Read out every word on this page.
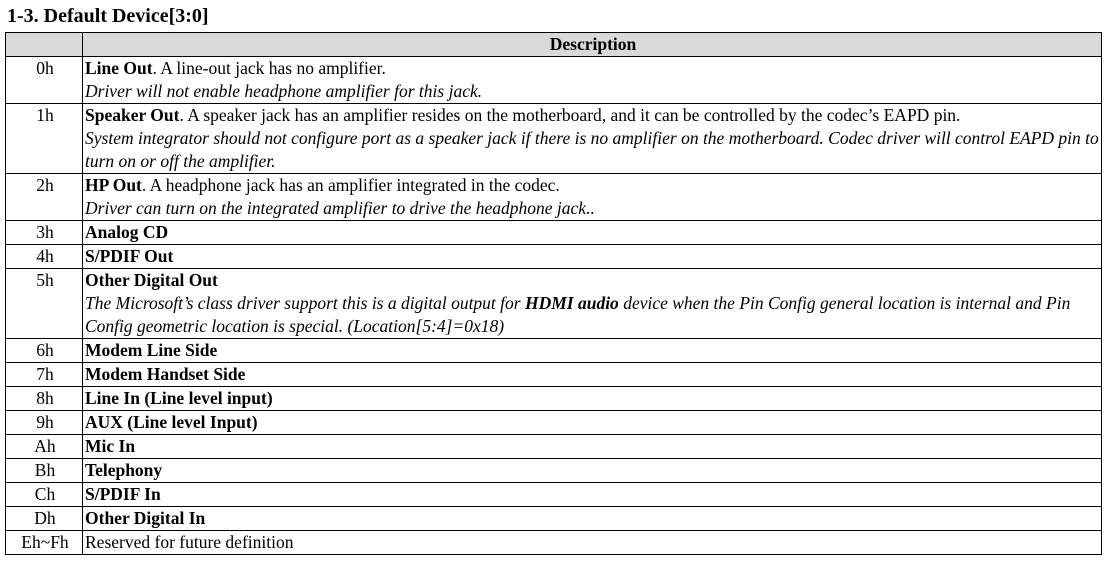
1-3. Default Device[3:0]
	Description
0h	Line Out. A line-out jack has no amplifier.
Driver will not enable headphone amplifier for this jack.

1h	Speaker Out. A speaker jack has an amplifier resides on the motherboard, and it can be controlled by the codec’s EAPD pin.
System integrator should not configure port as a speaker jack if there is no amplifier on the motherboard. Codec driver will control EAPD pin to turn on or off the amplifier.

2h	HP Out. A headphone jack has an amplifier integrated in the codec.
Driver can turn on the integrated amplifier to drive the headphone jack..

3h	Analog CD
4h	S/PDIF Out
5h	Other Digital Out
The Microsoft’s class driver support this is a digital output for HDMI audio device when the Pin Config general location is internal and Pin Config geometric location is special. (Location[5:4]=0x18)

6h	Modem Line Side
7h	Modem Handset Side
8h	Line In (Line level input)
9h	AUX (Line level Input)
Ah	Mic In
Bh	Telephony
Ch	S/PDIF In
Dh	Other Digital In
Eh~Fh	Reserved for future definition
